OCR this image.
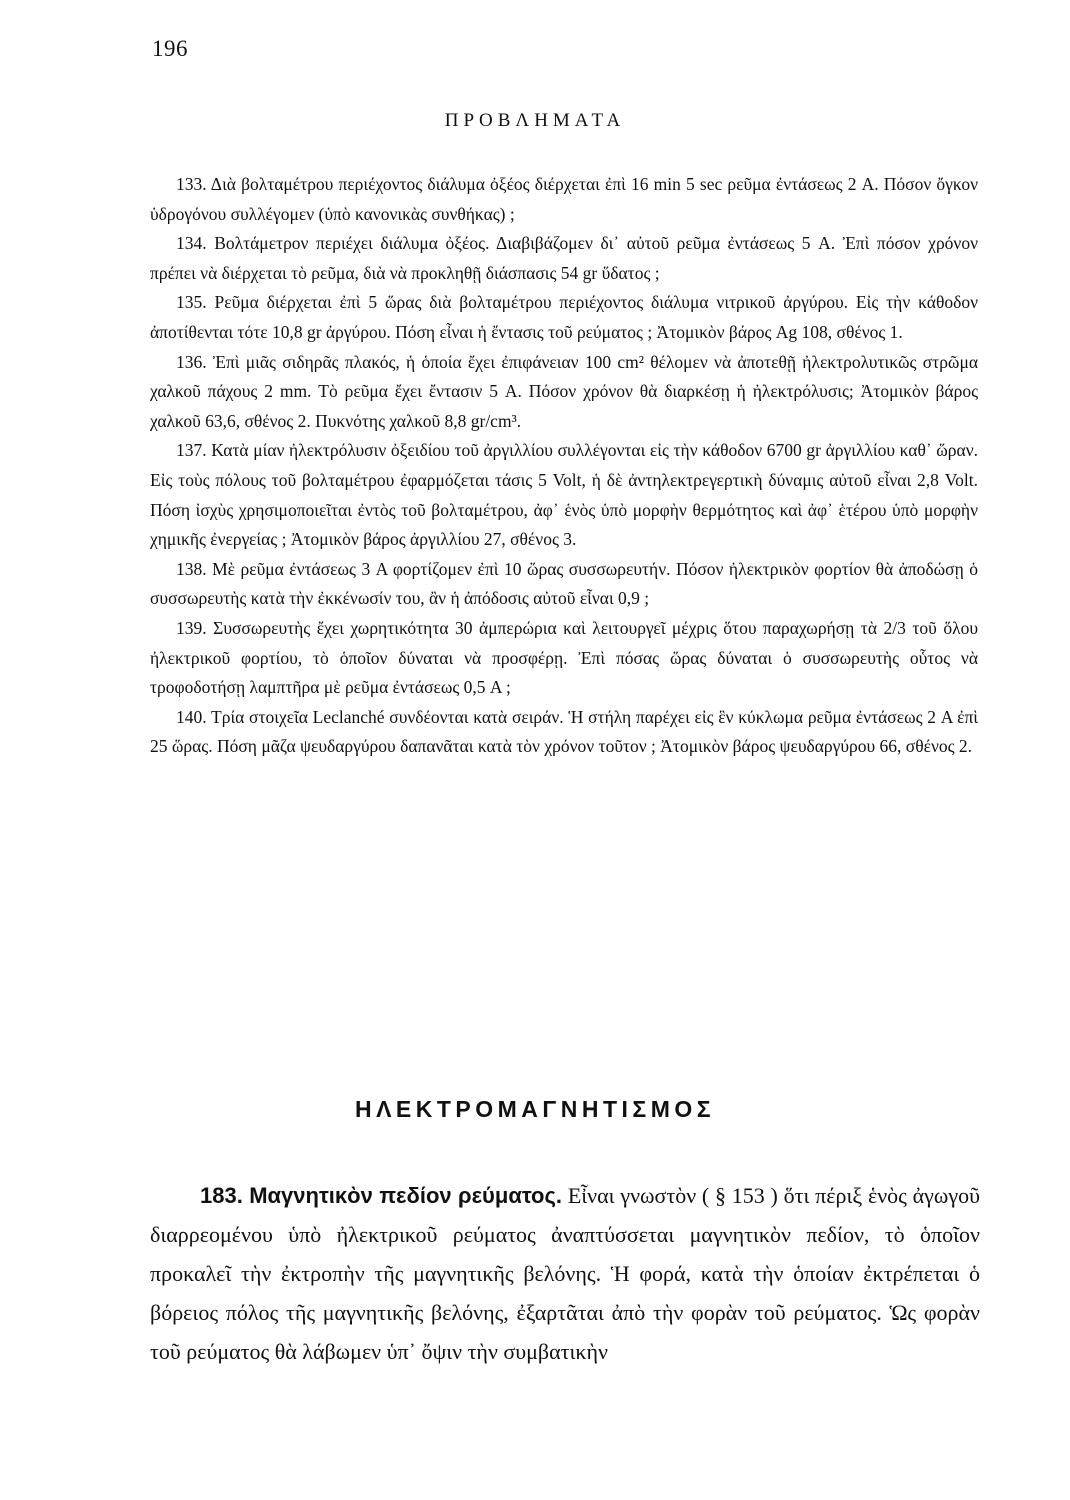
196
ΠΡΟΒΛΗΜΑΤΑ

133. Διὰ βολταμέτρου περιέχοντος διάλυμα ὀξέος διέρχεται ἐπὶ 16 min 5 sec ρεῦμα ἐντάσεως 2 A. Πόσον ὄγκον ὑδρογόνου συλλέγομεν (ὑπὸ κανονικὰς συνθήκας) ;

134. Βολτάμετρον περιέχει διάλυμα ὀξέος. Διαβιβάζομεν δι᾿ αὐτοῦ ρεῦμα ἐντάσεως 5 A. Ἐπὶ πόσον χρόνον πρέπει νὰ διέρχεται τὸ ρεῦμα, διὰ νὰ προκληθῇ διάσπασις 54 gr ὕδατος ;

135. Ρεῦμα διέρχεται ἐπὶ 5 ὥρας διὰ βολταμέτρου περιέχοντος διάλυμα νιτρικοῦ ἀργύρου. Εἰς τὴν κάθοδον ἀποτίθενται τότε 10,8 gr ἀργύρου. Πόση εἶναι ἡ ἔντασις τοῦ ρεύματος ; Ἀτομικὸν βάρος Ag 108, σθένος 1.

136. Ἐπὶ μιᾶς σιδηρᾶς πλακός, ἡ ὁποία ἔχει ἐπιφάνειαν 100 cm² θέλομεν νὰ ἀποτεθῇ ἠλεκτρολυτικῶς στρῶμα χαλκοῦ πάχους 2 mm. Τὸ ρεῦμα ἔχει ἔντασιν 5 A. Πόσον χρόνον θὰ διαρκέσῃ ἡ ἠλεκτρόλυσις; Ἀτομικὸν βάρος χαλκοῦ 63,6, σθένος 2. Πυκνότης χαλκοῦ 8,8 gr/cm³.

137. Κατὰ μίαν ἠλεκτρόλυσιν ὀξειδίου τοῦ ἀργιλλίου συλλέγονται εἰς τὴν κάθοδον 6700 gr ἀργιλλίου καθ᾿ ὥραν. Εἰς τοὺς πόλους τοῦ βολταμέτρου ἐφαρμόζεται τάσις 5 Volt, ἡ δὲ ἀντηλεκτρεγερτικὴ δύναμις αὐτοῦ εἶναι 2,8 Volt. Πόση ἰσχὺς χρησιμοποιεῖται ἐντὸς τοῦ βολταμέτρου, ἀφ᾿ ἑνὸς ὑπὸ μορφὴν θερμότητος καὶ ἀφ᾿ ἑτέρου ὑπὸ μορφὴν χημικῆς ἐνεργείας ; Ἀτομικὸν βάρος ἀργιλλίου 27, σθένος 3.

138. Μὲ ρεῦμα ἐντάσεως 3 A φορτίζομεν ἐπὶ 10 ὥρας συσσωρευτήν. Πόσον ἠλεκτρικὸν φορτίον θὰ ἀποδώσῃ ὁ συσσωρευτὴς κατὰ τὴν ἐκκένωσίν του, ἂν ἡ ἀπόδοσις αὐτοῦ εἶναι 0,9 ;

139. Συσσωρευτὴς ἔχει χωρητικότητα 30 ἀμπερώρια καὶ λειτουργεῖ μέχρις ὅτου παραχωρήσῃ τὰ 2/3 τοῦ ὅλου ἠλεκτρικοῦ φορτίου, τὸ ὁποῖον δύναται νὰ προσφέρῃ. Ἐπὶ πόσας ὥρας δύναται ὁ συσσωρευτὴς οὗτος νὰ τροφοδοτήσῃ λαμπτῆρα μὲ ρεῦμα ἐντάσεως 0,5 A ;

140. Τρία στοιχεῖα Leclanché συνδέονται κατὰ σειράν. Ἡ στήλη παρέχει εἰς ἓν κύκλωμα ρεῦμα ἐντάσεως 2 A ἐπὶ 25 ὥρας. Πόση μᾶζα ψευδαργύρου δαπανᾶται κατὰ τὸν χρόνον τοῦτον ; Ἀτομικὸν βάρος ψευδαργύρου 66, σθένος 2.

ΗΛΕΚΤΡΟΜΑΓΝΗΤΙΣΜΟΣ

183. Μαγνητικὸν πεδίον ρεύματος. Εἶναι γνωστὸν ( § 153 ) ὅτι πέριξ ἑνὸς ἀγωγοῦ διαρρεομένου ὑπὸ ἠλεκτρικοῦ ρεύματος ἀναπτύσσεται μαγνητικὸν πεδίον, τὸ ὁποῖον προκαλεῖ τὴν ἐκτροπὴν τῆς μαγνητικῆς βελόνης. Ἡ φορά, κατὰ τὴν ὁποίαν ἐκτρέπεται ὁ βόρειος πόλος τῆς μαγνητικῆς βελόνης, ἐξαρτᾶται ἀπὸ τὴν φορὰν τοῦ ρεύματος. Ὡς φορὰν τοῦ ρεύματος θὰ λάβωμεν ὑπ᾿ ὄψιν τὴν συμβατικὴν
